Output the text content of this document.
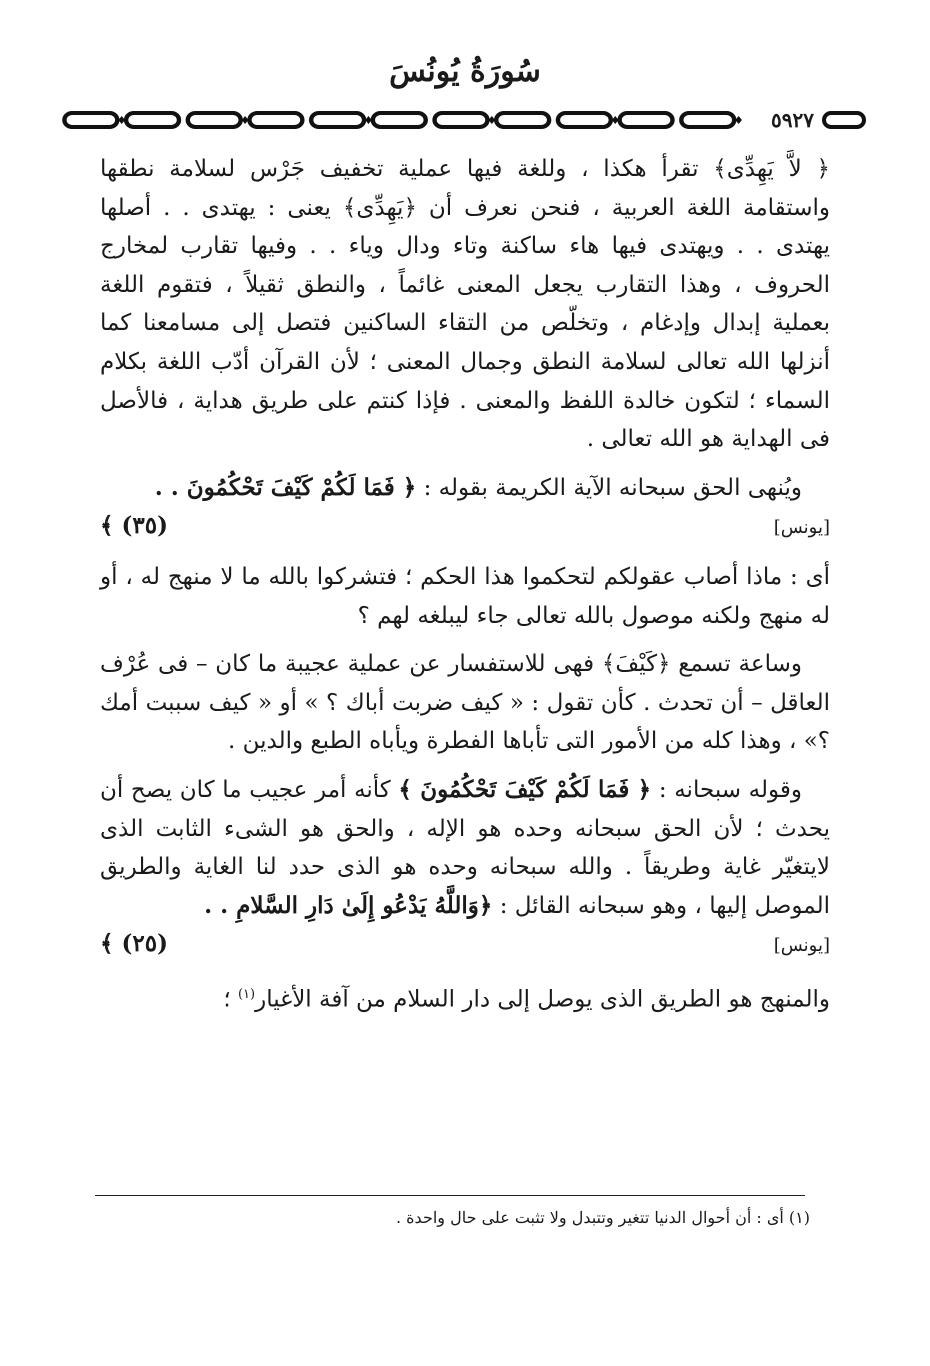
سُورَةُ يُونُسَ
٥٩٢٧

﴿ لاَّ يَهِدِّى﴾ تقرأ هكذا ، وللغة فيها عملية تخفيف جَرْس لسلامة نطقها واستقامة اللغة العربية ، فنحن نعرف أن ﴿يَهِدِّى﴾ يعنى : يهتدى . . أصلها يهتدى . . ويهتدى فيها هاء ساكنة وتاء ودال وياء . . وفيها تقارب لمخارج الحروف ، وهذا التقارب يجعل المعنى غائماً ، والنطق ثقيلاً ، فتقوم اللغة بعملية إبدال وإدغام ، وتخلّص من التقاء الساكنين فتصل إلى مسامعنا كما أنزلها الله تعالى لسلامة النطق وجمال المعنى ؛ لأن القرآن أدّب اللغة بكلام السماء ؛ لتكون خالدة اللفظ والمعنى . فإذا كنتم على طريق هداية ، فالأصل فى الهداية هو الله تعالى .

ويُنهى الحق سبحانه الآية الكريمة بقوله : ﴿ فَمَا لَكُمْ كَيْفَ تَحْكُمُونَ . .

(٣٥) ﴾	[يونس]

أى : ماذا أصاب عقولكم لتحكموا هذا الحكم ؛ فتشركوا بالله ما لا منهج له ، أو له منهج ولكنه موصول بالله تعالى جاء ليبلغه لهم ؟

وساعة تسمع ﴿كَيْفَ﴾ فهى للاستفسار عن عملية عجيبة ما كان – فى عُرْف العاقل – أن تحدث . كأن تقول : « كيف ضربت أباك ؟ » أو « كيف سببت أمك ؟» ، وهذا كله من الأمور التى تأباها الفطرة ويأباه الطبع والدين .

وقوله سبحانه : ﴿ فَمَا لَكُمْ كَيْفَ تَحْكُمُونَ ﴾ كأنه أمر عجيب ما كان يصح أن يحدث ؛ لأن الحق سبحانه وحده هو الإله ، والحق هو الشىء الثابت الذى لايتغيّر غاية وطريقاً . والله سبحانه وحده هو الذى حدد لنا الغاية والطريق الموصل إليها ، وهو سبحانه القائل : ﴿وَاللَّهُ يَدْعُو إِلَىٰ دَارِ السَّلامِ . .

(٢٥) ﴾	[يونس]

والمنهج هو الطريق الذى يوصل إلى دار السلام من آفة الأغيار$^{(١)}$ ؛

(١) أى : أن أحوال الدنيا تتغير وتتبدل ولا تثبت على حال واحدة .
